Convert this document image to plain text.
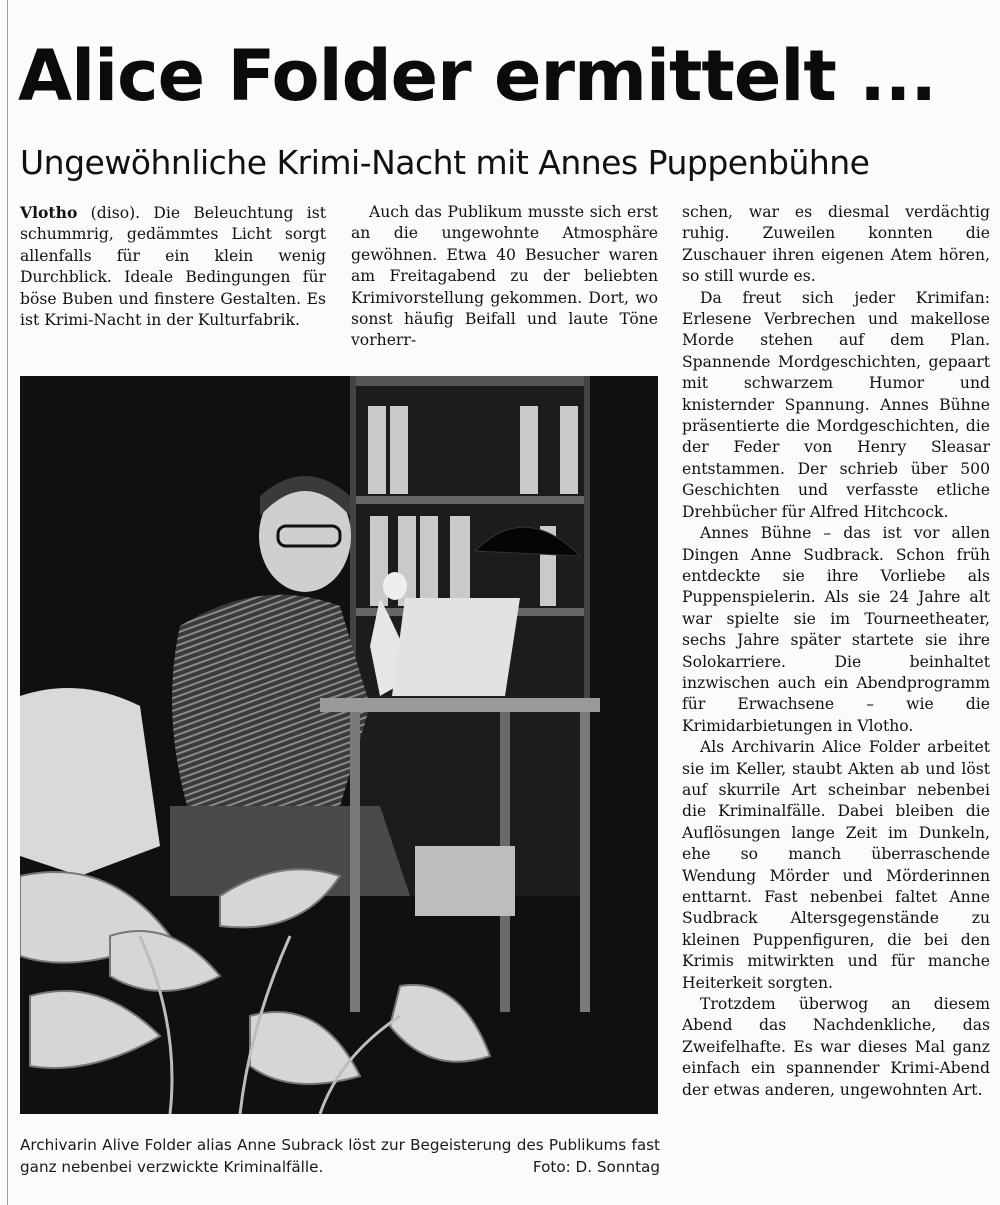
Alice Folder ermittelt ...
Ungewöhnliche Krimi-Nacht mit Annes Puppenbühne

Vlotho (diso). Die Beleuchtung ist schummrig, gedämmtes Licht sorgt allenfalls für ein klein wenig Durchblick. Ideale Bedingungen für böse Buben und finstere Gestalten. Es ist Krimi-Nacht in der Kulturfabrik.

Auch das Publikum musste sich erst an die ungewohnte Atmosphäre gewöhnen. Etwa 40 Besucher waren am Freitagabend zu der beliebten Krimivorstellung gekommen. Dort, wo sonst häufig Beifall und laute Töne vorherr-

schen, war es diesmal verdächtig ruhig. Zuweilen konnten die Zuschauer ihren eigenen Atem hören, so still wurde es.

Da freut sich jeder Krimifan: Erlesene Verbrechen und makellose Morde stehen auf dem Plan. Spannende Mordgeschichten, gepaart mit schwarzem Humor und knisternder Spannung. Annes Bühne präsentierte die Mordgeschichten, die der Feder von Henry Sleasar entstammen. Der schrieb über 500 Geschichten und verfasste etliche Drehbücher für Alfred Hitchcock.

Annes Bühne – das ist vor allen Dingen Anne Sudbrack. Schon früh entdeckte sie ihre Vorliebe als Puppenspielerin. Als sie 24 Jahre alt war spielte sie im Tourneetheater, sechs Jahre später startete sie ihre Solokarriere. Die beinhaltet inzwischen auch ein Abendprogramm für Erwachsene – wie die Krimidarbietungen in Vlotho.

Als Archivarin Alice Folder arbeitet sie im Keller, staubt Akten ab und löst auf skurrile Art scheinbar nebenbei die Kriminalfälle. Dabei bleiben die Auflösungen lange Zeit im Dunkeln, ehe so manch überraschende Wendung Mörder und Mörderinnen enttarnt. Fast nebenbei faltet Anne Sudbrack Altersgegenstände zu kleinen Puppenfiguren, die bei den Krimis mitwirkten und für manche Heiterkeit sorgten.

Trotzdem überwog an diesem Abend das Nachdenkliche, das Zweifelhafte. Es war dieses Mal ganz einfach ein spannender Krimi-Abend der etwas anderen, ungewohnten Art.

Archivarin Alive Folder alias Anne Subrack löst zur Begeisterung des Publikums fast ganz nebenbei verzwickte Kriminalfälle.	Foto: D. Sonntag
